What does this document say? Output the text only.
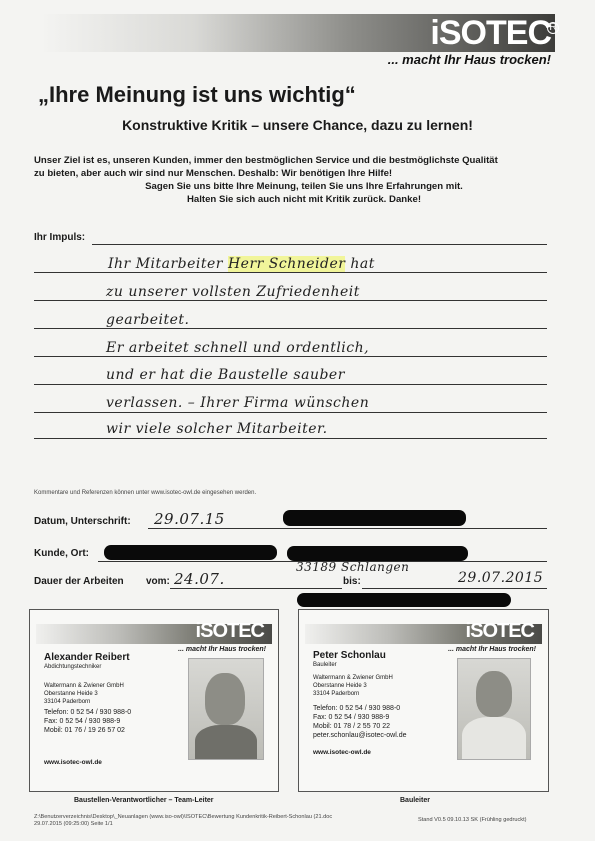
iSOTEC
R
... macht Ihr Haus trocken!
„Ihre Meinung ist uns wichtig“
Konstruktive Kritik – unsere Chance, dazu zu lernen!

Unser Ziel ist es, unseren Kunden, immer den bestmöglichen Service und die bestmöglichste Qualität

zu bieten, aber auch wir sind nur Menschen. Deshalb: Wir benötigen Ihre Hilfe!

Sagen Sie uns bitte Ihre Meinung, teilen Sie uns Ihre Erfahrungen mit.

Halten Sie sich auch nicht mit Kritik zurück. Danke!

Ihr Impuls:
Ihr Mitarbeiter Herr Schneider hat
zu unserer vollsten Zufriedenheit
gearbeitet.
Er arbeitet schnell und ordentlich,
und er hat die Baustelle sauber
verlassen. – Ihrer Firma wünschen
wir viele solcher Mitarbeiter.
Kommentare und Referenzen können unter www.isotec-owl.de eingesehen werden.
Datum, Unterschrift: 29.07.15
Kunde, Ort:
33189 Schlangen
Dauer der Arbeiten vom: 24.07.	bis:	29.07.2015
iSOTEC
... macht Ihr Haus trocken!
Alexander Reibert
Abdichtungstechniker

Waltermann & Zwiener GmbH

Oberstanne Heide 3

33104 Paderborn

Telefon: 0 52 54 / 930 988-0

Fax: 0 52 54 / 930 988-9

Mobil: 01 76 / 19 26 57 02

www.isotec-owl.de
Baustellen-Verantwortlicher – Team-Leiter
iSOTEC
... macht Ihr Haus trocken!
Peter Schonlau
Bauleiter

Waltermann & Zwiener GmbH

Oberstanne Heide 3

33104 Paderborn

Telefon: 0 52 54 / 930 988-0

Fax: 0 52 54 / 930 988-9

Mobil: 01 78 / 2 55 70 22

peter.schonlau@isotec-owl.de

www.isotec-owl.de
Bauleiter
Z:\Benutzerverzeichnis\Desktop\_Neuanlagen (www.iso-owl)\ISOTEC\Bewertung Kundenkritik-Reibert-Schonlau (21.doc
29.07.2015 (09:25:00) Seite 1/1
Stand V0.5 09.10.13 SK (Frühling gedruckt)
